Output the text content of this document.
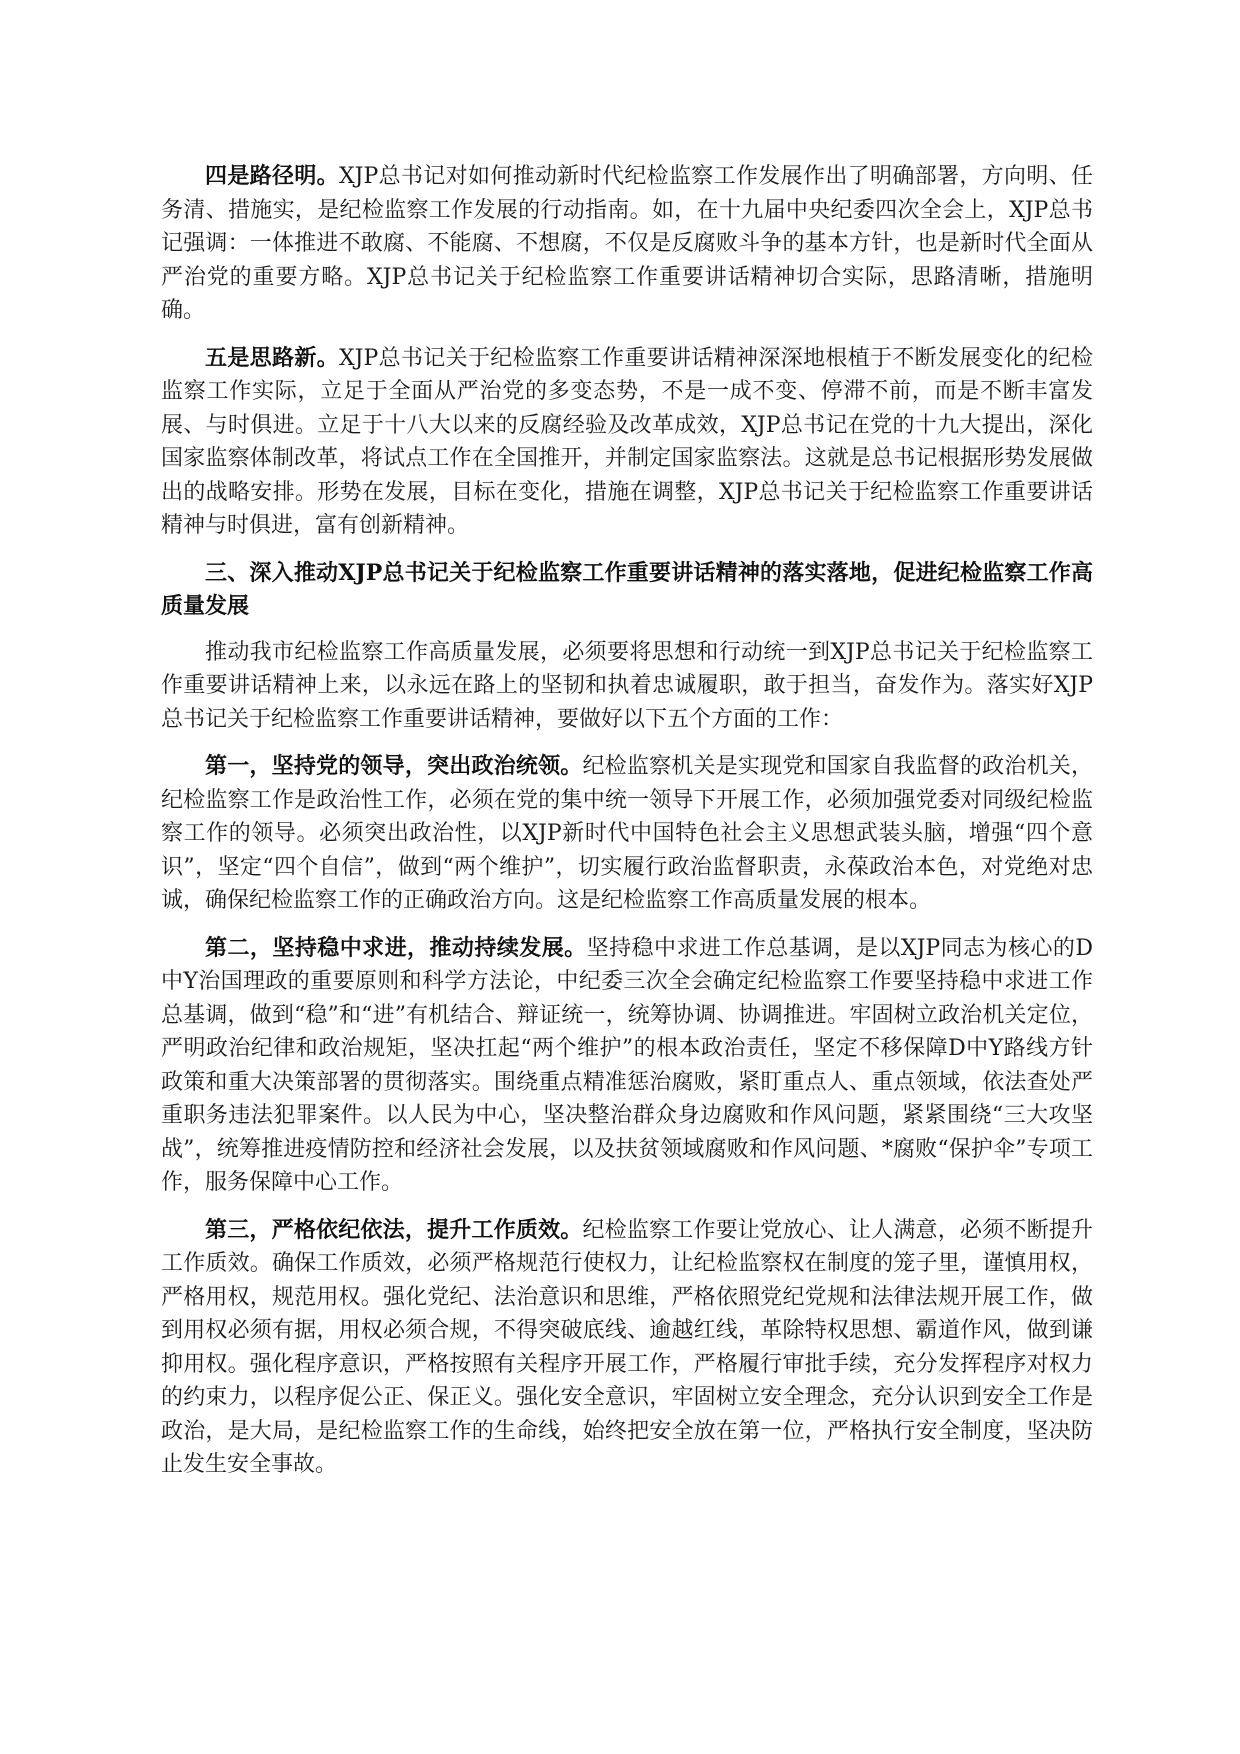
四是路径明。XJP总书记对如何推动新时代纪检监察工作发展作出了明确部署，方向明、任务清、措施实，是纪检监察工作发展的行动指南。如，在十九届中央纪委四次全会上，XJP总书记强调：一体推进不敢腐、不能腐、不想腐，不仅是反腐败斗争的基本方针，也是新时代全面从严治党的重要方略。XJP总书记关于纪检监察工作重要讲话精神切合实际，思路清晰，措施明确。

五是思路新。XJP总书记关于纪检监察工作重要讲话精神深深地根植于不断发展变化的纪检监察工作实际，立足于全面从严治党的多变态势，不是一成不变、停滞不前，而是不断丰富发展、与时俱进。立足于十八大以来的反腐经验及改革成效，XJP总书记在党的十九大提出，深化国家监察体制改革，将试点工作在全国推开，并制定国家监察法。这就是总书记根据形势发展做出的战略安排。形势在发展，目标在变化，措施在调整，XJP总书记关于纪检监察工作重要讲话精神与时俱进，富有创新精神。

三、深入推动XJP总书记关于纪检监察工作重要讲话精神的落实落地，促进纪检监察工作高质量发展

推动我市纪检监察工作高质量发展，必须要将思想和行动统一到XJP总书记关于纪检监察工作重要讲话精神上来，以永远在路上的坚韧和执着忠诚履职，敢于担当，奋发作为。落实好XJP总书记关于纪检监察工作重要讲话精神，要做好以下五个方面的工作：

第一，坚持党的领导，突出政治统领。纪检监察机关是实现党和国家自我监督的政治机关，纪检监察工作是政治性工作，必须在党的集中统一领导下开展工作，必须加强党委对同级纪检监察工作的领导。必须突出政治性，以XJP新时代中国特色社会主义思想武装头脑，增强“四个意识”，坚定“四个自信”，做到“两个维护”，切实履行政治监督职责，永葆政治本色，对党绝对忠诚，确保纪检监察工作的正确政治方向。这是纪检监察工作高质量发展的根本。

第二，坚持稳中求进，推动持续发展。坚持稳中求进工作总基调，是以XJP同志为核心的D中Y治国理政的重要原则和科学方法论，中纪委三次全会确定纪检监察工作要坚持稳中求进工作总基调，做到“稳”和“进”有机结合、辩证统一，统筹协调、协调推进。牢固树立政治机关定位，严明政治纪律和政治规矩，坚决扛起“两个维护”的根本政治责任，坚定不移保障D中Y路线方针政策和重大决策部署的贯彻落实。围绕重点精准惩治腐败，紧盯重点人、重点领域，依法查处严重职务违法犯罪案件。以人民为中心，坚决整治群众身边腐败和作风问题，紧紧围绕“三大攻坚战”，统筹推进疫情防控和经济社会发展，以及扶贫领域腐败和作风问题、*腐败“保护伞”专项工作，服务保障中心工作。

第三，严格依纪依法，提升工作质效。纪检监察工作要让党放心、让人满意，必须不断提升工作质效。确保工作质效，必须严格规范行使权力，让纪检监察权在制度的笼子里，谨慎用权，严格用权，规范用权。强化党纪、法治意识和思维，严格依照党纪党规和法律法规开展工作，做到用权必须有据，用权必须合规，不得突破底线、逾越红线，革除特权思想、霸道作风，做到谦抑用权。强化程序意识，严格按照有关程序开展工作，严格履行审批手续，充分发挥程序对权力的约束力，以程序促公正、保正义。强化安全意识，牢固树立安全理念，充分认识到安全工作是政治，是大局，是纪检监察工作的生命线，始终把安全放在第一位，严格执行安全制度，坚决防止发生安全事故。
